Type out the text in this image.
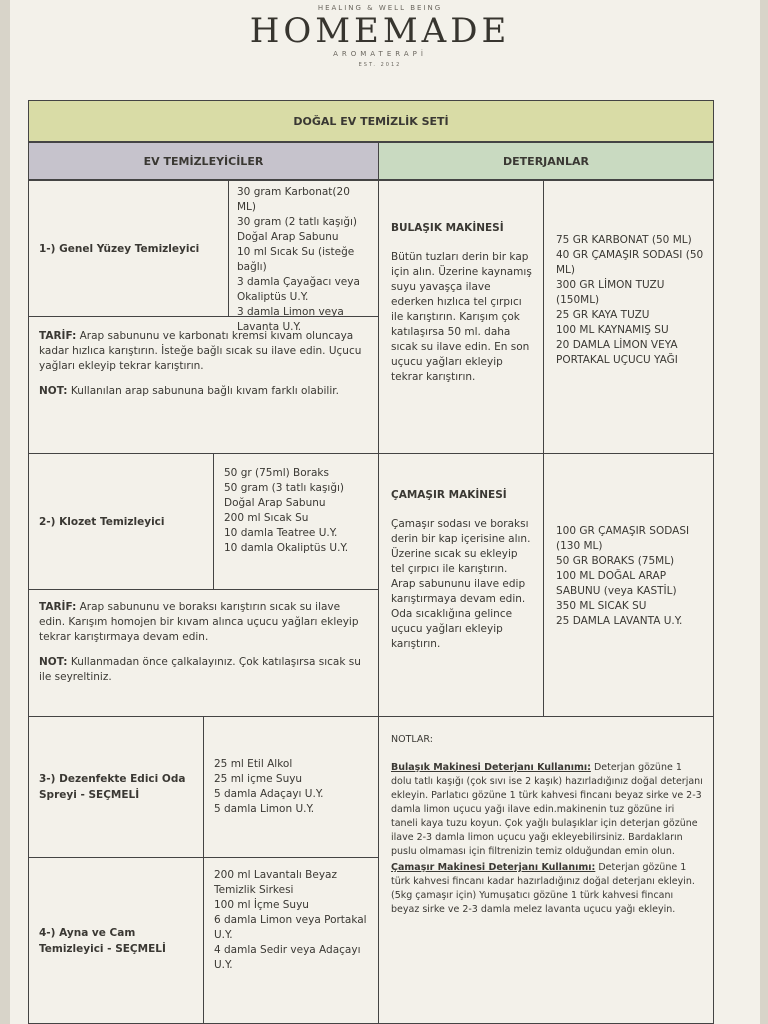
HEALING & WELL BEING
HOMEMADE
AROMATERAPİ
EST. 2012
DOĞAL EV TEMİZLİK SETİ
EV TEMİZLEYİCİLER	DETERJANLAR
1-) Genel Yüzey Temizleyici
30 gram Karbonat(20 ML)
30 gram (2 tatlı kaşığı) Doğal Arap Sabunu
10 ml Sıcak Su (isteğe bağlı)
3 damla Çayağacı veya Okaliptüs U.Y.
3 damla Limon veya Lavanta U.Y.

TARİF: Arap sabununu ve karbonatı kremsi kıvam oluncaya kadar hızlıca karıştırın. İsteğe bağlı sıcak su ilave edin. Uçucu yağları ekleyip tekrar karıştırın.

NOT: Kullanılan arap sabununa bağlı kıvam farklı olabilir.

2-) Klozet Temizleyici
50 gr (75ml) Boraks
50 gram (3 tatlı kaşığı) Doğal Arap Sabunu
200 ml Sıcak Su
10 damla Teatree U.Y.
10 damla Okaliptüs U.Y.

TARİF: Arap sabununu ve boraksı karıştırın sıcak su ilave edin. Karışım homojen bir kıvam alınca uçucu yağları ekleyip tekrar karıştırmaya devam edin.

NOT: Kullanmadan önce çalkalayınız. Çok katılaşırsa sıcak su ile seyreltiniz.

3-) Dezenfekte Edici Oda Spreyi - SEÇMELİ
25 ml Etil Alkol
25 ml içme Suyu
5 damla Adaçayı U.Y.
5 damla Limon U.Y.
4-) Ayna ve Cam Temizleyici - SEÇMELİ
200 ml Lavantalı Beyaz Temizlik Sirkesi
100 ml İçme Suyu
6 damla Limon veya Portakal U.Y.
4 damla Sedir veya Adaçayı U.Y.

BULAŞIK MAKİNESİ

Bütün tuzları derin bir kap için alın. Üzerine kaynamış suyu yavaşça ilave ederken hızlıca tel çırpıcı ile karıştırın. Karışım çok katılaşırsa 50 ml. daha sıcak su ilave edin. En son uçucu yağları ekleyip tekrar karıştırın.

75 GR KARBONAT (50 ML)
40 GR ÇAMAŞIR SODASI (50 ML)
300 GR LİMON TUZU (150ML)
25 GR KAYA TUZU
100 ML KAYNAMIŞ SU
20 DAMLA LİMON VEYA PORTAKAL UÇUCU YAĞI

ÇAMAŞIR MAKİNESİ

Çamaşır sodası ve boraksı derin bir kap içerisine alın. Üzerine sıcak su ekleyip tel çırpıcı ile karıştırın. Arap sabununu ilave edip karıştırmaya devam edin. Oda sıcaklığına gelince uçucu yağları ekleyip karıştırın.

100 GR ÇAMAŞIR SODASI (130 ML)
50 GR BORAKS (75ML)
100 ML DOĞAL ARAP SABUNU (veya KASTİL)
350 ML SICAK SU
25 DAMLA LAVANTA U.Y.

NOTLAR:

Bulaşık Makinesi Deterjanı Kullanımı: Deterjan gözüne 1 dolu tatlı kaşığı (çok sıvı ise 2 kaşık) hazırladığınız doğal deterjanı ekleyin. Parlatıcı gözüne 1 türk kahvesi fincanı beyaz sirke ve 2-3 damla limon uçucu yağı ilave edin.makinenin tuz gözüne iri taneli kaya tuzu koyun. Çok yağlı bulaşıklar için deterjan gözüne ilave 2-3 damla limon uçucu yağı ekleyebilirsiniz. Bardakların puslu olmaması için filtrenizin temiz olduğundan emin olun.

Çamaşır Makinesi Deterjanı Kullanımı: Deterjan gözüne 1 türk kahvesi fincanı kadar hazırladığınız doğal deterjanı ekleyin.(5kg çamaşır için) Yumuşatıcı gözüne 1 türk kahvesi fincanı beyaz sirke ve 2-3 damla melez lavanta uçucu yağı ekleyin.
